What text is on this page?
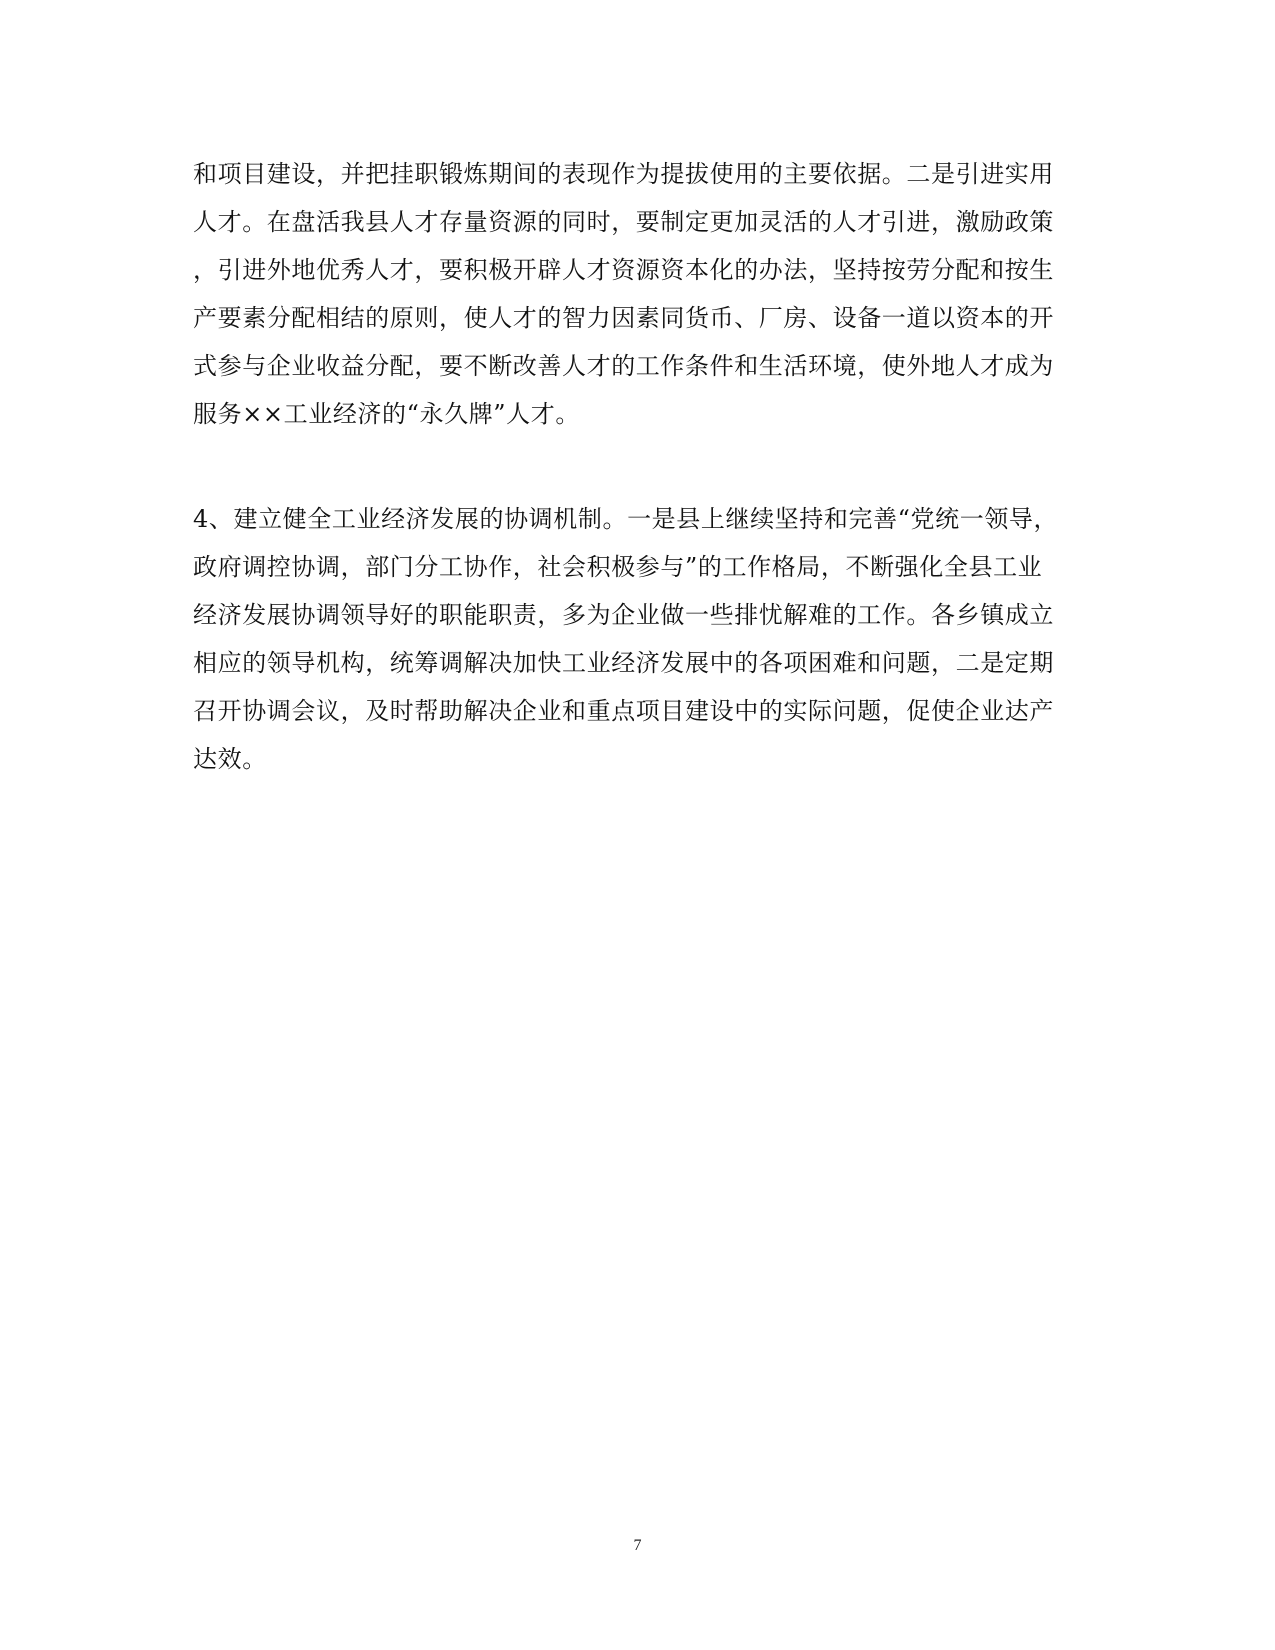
和项目建设，并把挂职锻炼期间的表现作为提拔使用的主要依据。二是引进实用
人才。在盘活我县人才存量资源的同时，要制定更加灵活的人才引进，激励政策
，引进外地优秀人才，要积极开辟人才资源资本化的办法，坚持按劳分配和按生
产要素分配相结的原则，使人才的智力因素同货币、厂房、设备一道以资本的开
式参与企业收益分配，要不断改善人才的工作条件和生活环境，使外地人才成为
服务××工业经济的“永久牌”人才。
4、建立健全工业经济发展的协调机制。一是县上继续坚持和完善“党统一领导，
政府调控协调，部门分工协作，社会积极参与”的工作格局，不断强化全县工业
经济发展协调领导好的职能职责，多为企业做一些排忧解难的工作。各乡镇成立
相应的领导机构，统筹调解决加快工业经济发展中的各项困难和问题，二是定期
召开协调会议，及时帮助解决企业和重点项目建设中的实际问题，促使企业达产
达效。
7
